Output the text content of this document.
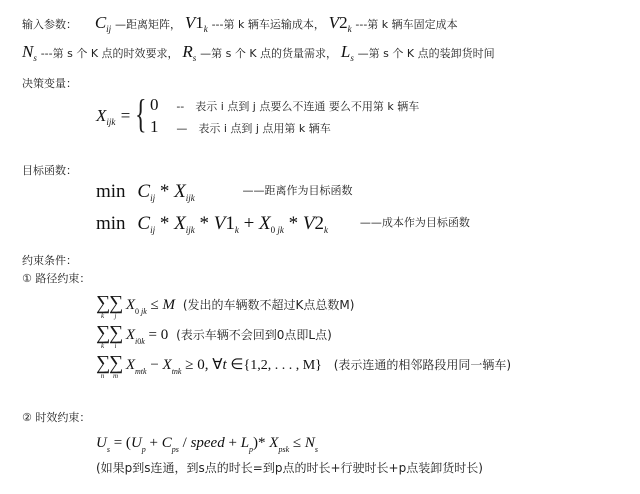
输入参数： $C_{ij}$ —距离矩阵， $V1_k$ ---第 k 辆车运输成本， $V2_k$ ---第 k 辆车固定成本
$N_s$ ---第 s 个 K 点的时效要求， $R_s$ —第 s 个 K 点的货量需求， $L_s$ —第 s 个 K 点的装卸货时间
决策变量：
$X_{ijk}$ = { 0 --　表示 i 点到 j 点要么不连通 要么不用第 k 辆车
1 —　表示 i 点到 j 点用第 k 辆车
目标函数：
$\min C_{ij} * X_{ijk}$ ——距离作为目标函数
$\min C_{ij} * X_{ijk} * V1_k + X_{0 jk} * V2_k$ ——成本作为目标函数
约束条件：
① 路径约束：
∑
k
∑
j
$X_{0 jk} \le M$ (发出的车辆数不超过K点总数M)
∑
k
∑
i
$X_{i0k} = 0$ (表示车辆不会回到0点即L点)
∑
n
∑
m
$X_{mtk} - X_{tnk} \ge 0$, ∀t ∈{1,2, . . . , M} (表示连通的相邻路段用同一辆车)
② 时效约束：
$U_s = (U_p + C_{ps}$ / speed + $L_p)*$ $X_{psk} \le N_s$
(如果p到s连通，到s点的时长=到p点的时长+行驶时长+p点装卸货时长)
